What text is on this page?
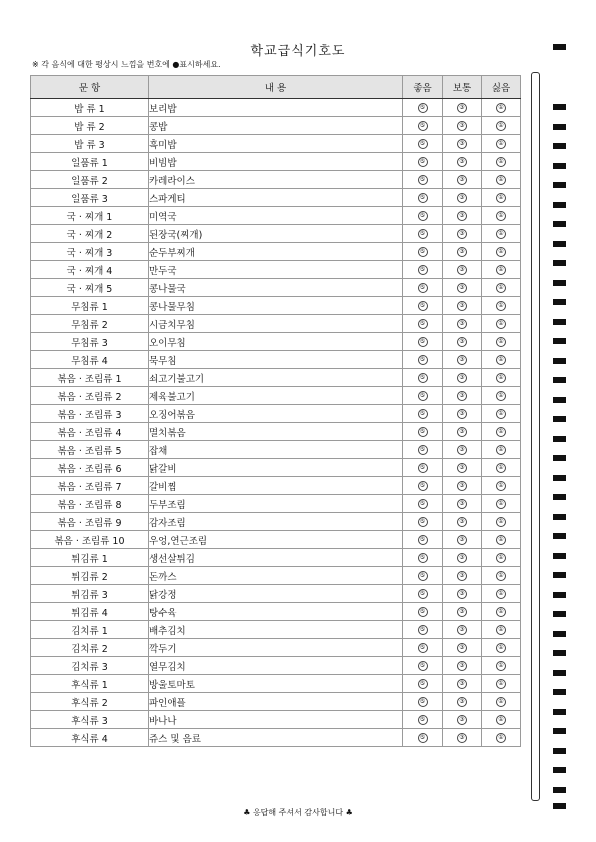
학교급식기호도
※ 각 음식에 대한 평상시 느낌을 번호에 ●표시하세요.
문 항	내 용	좋음	보통	싫음
밥 류 1	보리밥	⑤	③	①
밥 류 2	콩밥	⑤	③	①
밥 류 3	흑미밥	⑤	③	①
일품류 1	비빔밥	⑤	③	①
일품류 2	카레라이스	⑤	③	①
일품류 3	스파게티	⑤	③	①
국 · 찌개 1	미역국	⑤	③	①
국 · 찌개 2	된장국(찌개)	⑤	③	①
국 · 찌개 3	순두부찌개	⑤	③	①
국 · 찌개 4	만두국	⑤	③	①
국 · 찌개 5	콩나물국	⑤	③	①
무침류 1	콩나물무침	⑤	③	①
무침류 2	시금치무침	⑤	③	①
무침류 3	오이무침	⑤	③	①
무침류 4	묵무침	⑤	③	①
볶음 · 조림류 1	쇠고기불고기	⑤	③	①
볶음 · 조림류 2	제육불고기	⑤	③	①
볶음 · 조림류 3	오징어볶음	⑤	③	①
볶음 · 조림류 4	멸치볶음	⑤	③	①
볶음 · 조림류 5	잡채	⑤	③	①
볶음 · 조림류 6	닭갈비	⑤	③	①
볶음 · 조림류 7	갈비찜	⑤	③	①
볶음 · 조림류 8	두부조림	⑤	③	①
볶음 · 조림류 9	감자조림	⑤	③	①
볶음 · 조림류 10	우엉,연근조림	⑤	③	①
튀김류 1	생선살튀김	⑤	③	①
튀김류 2	돈까스	⑤	③	①
튀김류 3	닭강정	⑤	③	①
튀김류 4	탕수육	⑤	③	①
김치류 1	배추김치	⑤	③	①
김치류 2	깍두기	⑤	③	①
김치류 3	열무김치	⑤	③	①
후식류 1	방울토마토	⑤	③	①
후식류 2	파인애플	⑤	③	①
후식류 3	바나나	⑤	③	①
후식류 4	쥬스 및 음료	⑤	③	①
♣ 응답해 주셔서 감사합니다 ♣
